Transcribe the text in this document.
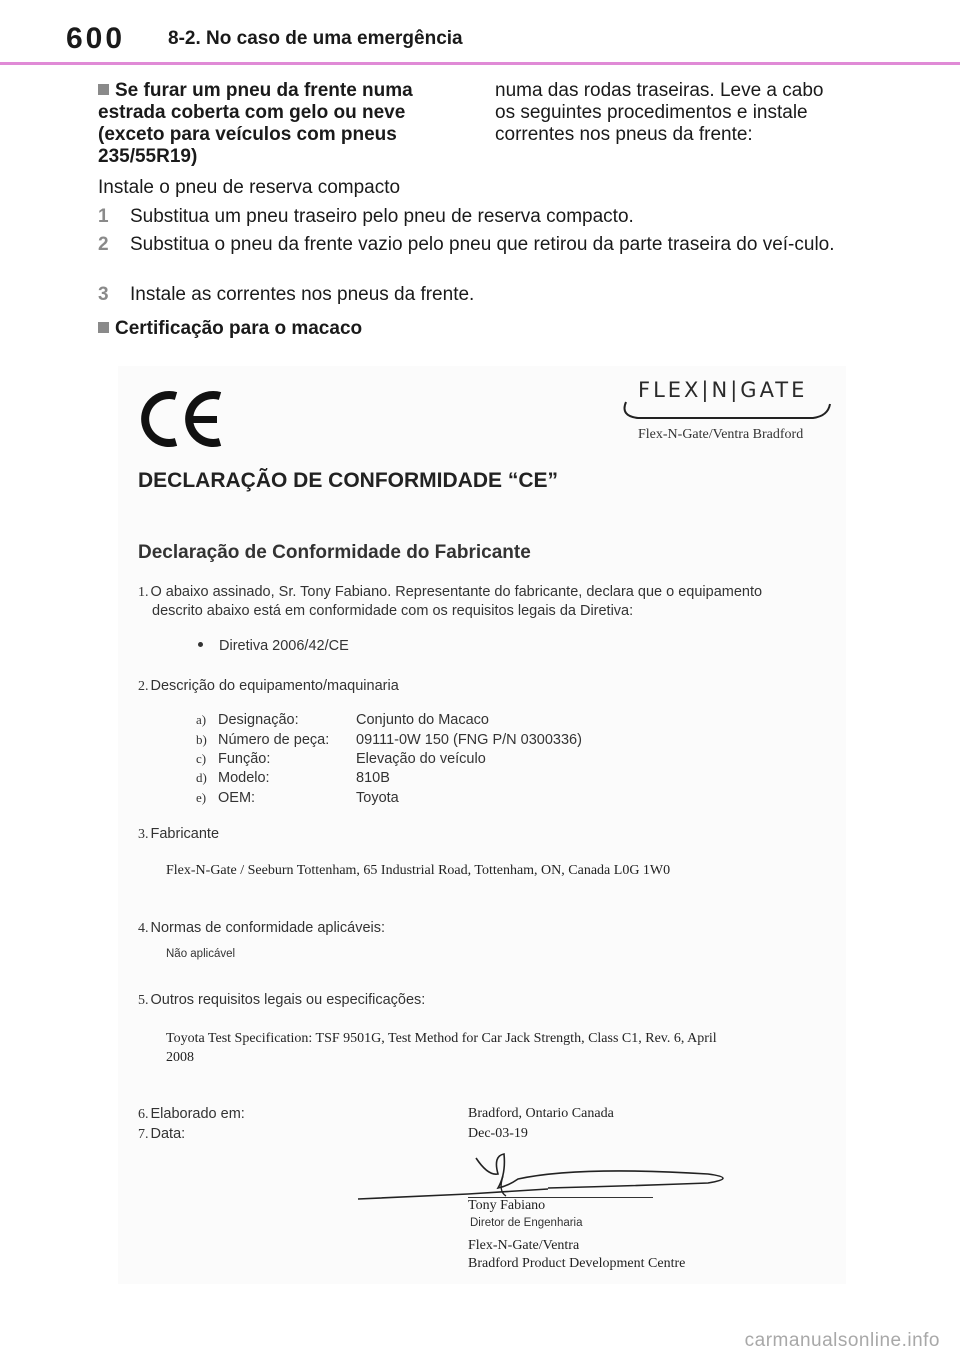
600 8-2. No caso de uma emergência
Se furar um pneu da frente numa
estrada coberta com gelo ou neve
(exceto para veículos com pneus
235/55R19)
numa das rodas traseiras. Leve a cabo
os seguintes procedimentos e instale
correntes nos pneus da frente:
Instale o pneu de reserva compacto
1 Substitua um pneu traseiro pelo pneu de reserva compacto.
2 Substitua o pneu da frente vazio pelo pneu que retirou da parte traseira do veí-culo.
3 Instale as correntes nos pneus da frente.
Certificação para o macaco
FLEX|N|GATE
Flex-N-Gate/Ventra Bradford
DECLARAÇÃO DE CONFORMIDADE “CE”
Declaração de Conformidade do Fabricante
1. O abaixo assinado, Sr. Tony Fabiano. Representante do fabricante, declara que o equipamento
descrito abaixo está em conformidade com os requisitos legais da Diretiva:
Diretiva 2006/42/CE
2. Descrição do equipamento/maquinaria
a) Designação:	Conjunto do Macaco
b) Número de peça: 09111-0W 150 (FNG P/N 0300336)
c) Função:	Elevação do veículo
d) Modelo:	810B
e) OEM:	Toyota
3. Fabricante
Flex-N-Gate / Seeburn Tottenham, 65 Industrial Road, Tottenham, ON, Canada L0G 1W0
4. Normas de conformidade aplicáveis:
Não aplicável
5. Outros requisitos legais ou especificações:
Toyota Test Specification: TSF 9501G, Test Method for Car Jack Strength, Class C1, Rev. 6, April
2008
6. Elaborado em:	Bradford, Ontario Canada
7. Data:	Dec-03-19
Tony Fabiano
Diretor de Engenharia
Flex-N-Gate/Ventra
Bradford Product Development Centre
carmanualsonline.info
